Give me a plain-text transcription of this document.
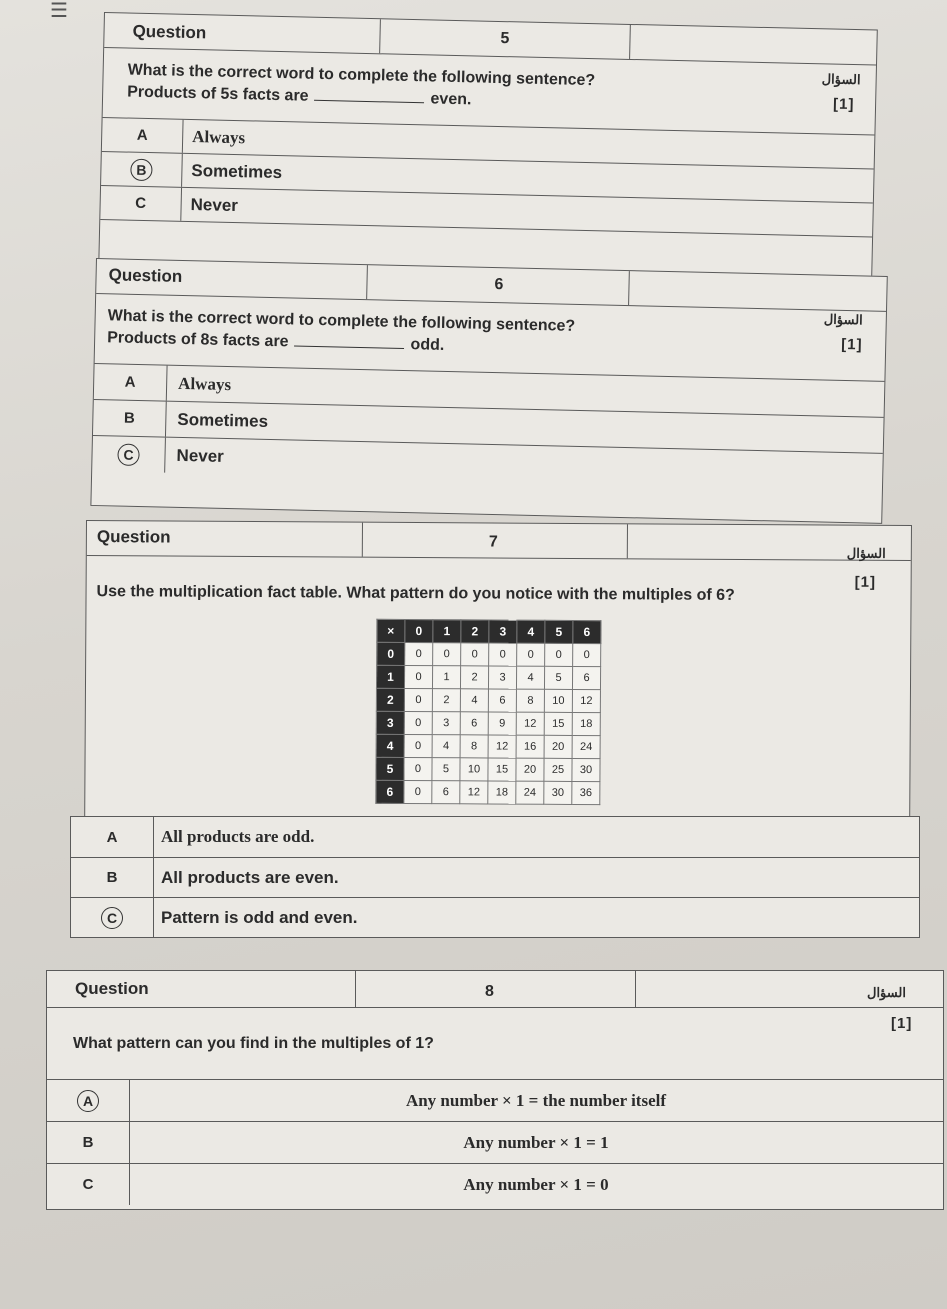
☰
Question	5
السؤال
[1]
What is the correct word to complete the following sentence?
Products of 5s facts are	even.
A	Always
B	Sometimes
C	Never
Question	6
السؤال
[1]
What is the correct word to complete the following sentence?
Products of 8s facts are	odd.
A Always
B Sometimes
C	Never
Question	7
السؤال
[1]
Use the multiplication fact table. What pattern do you notice with the multiples of 6?
×	0	1	2	3	4	5	6
0	0	0	0	0	0	0	0
1	0	1	2	3	4	5	6
2	0	2	4	6	8	10	12
3	0	3	6	9	12	15	18
4	0	4	8	12	16	20	24
5	0	5	10	15	20	25	30
6	0	6	12	18	24	30	36
A	All products are odd.
B	All products are even.
C	Pattern is odd and even.
Question	8	السؤال
[1]
What pattern can you find in the multiples of 1?
A	Any number × 1 = the number itself
B	Any number × 1 = 1
C	Any number × 1 = 0
